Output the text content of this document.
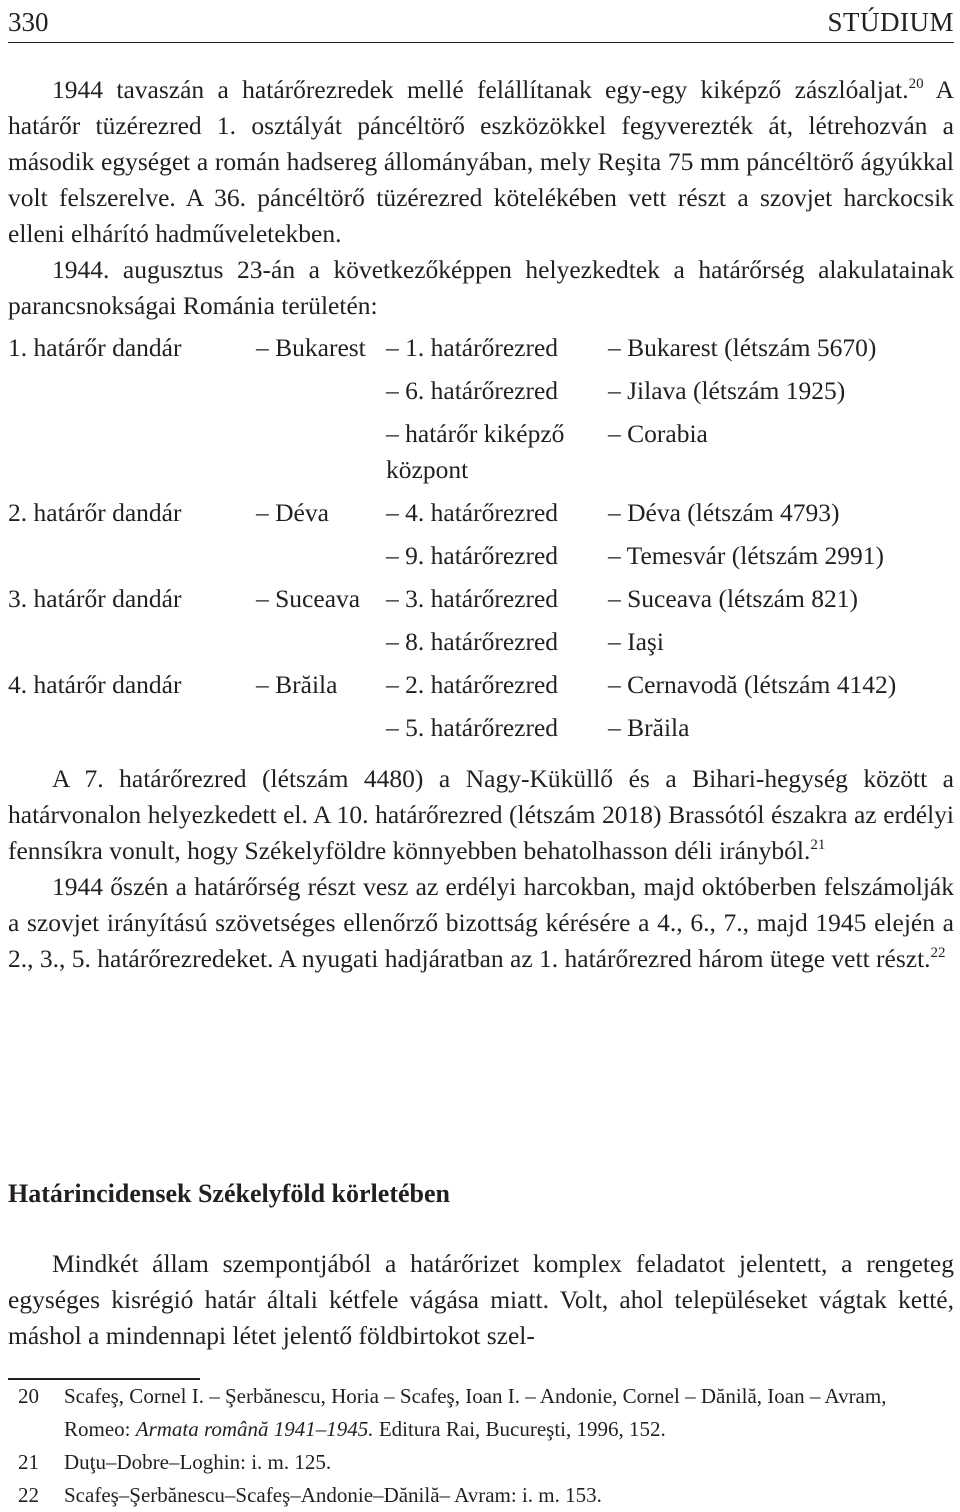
330	STÚDIUM

1944 tavaszán a határőrezredek mellé felállítanak egy-egy kiképző zászlóaljat.$^{20}$ A határőr tüzérezred 1. osztályát páncéltörő eszközökkel fegyverezték át, létrehozván a második egységet a román hadsereg állományában, mely Reşita 75 mm páncéltörő ágyúkkal volt felszerelve. A 36. páncéltörő tüzérezred kötelékében vett részt a szovjet harckocsik elleni elhárító hadműveletekben.

1944. augusztus 23-án a következőképpen helyezkedtek a határőrség alakulatainak parancsnokságai Románia területén:

1. határőr dandár	– Bukarest	– 1. határőrezred	– Bukarest (létszám 5670)
		– 6. határőrezred	– Jilava (létszám 1925)
		– határőr kiképző központ	– Corabia
2. határőr dandár	– Déva	– 4. határőrezred	– Déva (létszám 4793)
		– 9. határőrezred	– Temesvár (létszám 2991)
3. határőr dandár	– Suceava	– 3. határőrezred	– Suceava (létszám 821)
		– 8. határőrezred	– Iaşi
4. határőr dandár	– Brăila	– 2. határőrezred	– Cernavodă (létszám 4142)
		– 5. határőrezred	– Brăila

A 7. határőrezred (létszám 4480) a Nagy-Küküllő és a Bihari-hegység között a határvonalon helyezkedett el. A 10. határőrezred (létszám 2018) Brassótól északra az erdélyi fennsíkra vonult, hogy Székelyföldre könnyebben behatolhasson déli irányból.$^{21}$

1944 őszén a határőrség részt vesz az erdélyi harcokban, majd októberben felszámolják a szovjet irányítású szövetséges ellenőrző bizottság kérésére a 4., 6., 7., majd 1945 elején a 2., 3., 5. határőrezredeket. A nyugati hadjáratban az 1. határőrezred három ütege vett részt.$^{22}$

Határincidensek Székelyföld körletében

Mindkét állam szempontjából a határőrizet komplex feladatot jelentett, a rengeteg egységes kisrégió határ általi kétfele vágása miatt. Volt, ahol településeket vágtak ketté, máshol a mindennapi létet jelentő földbirtokot szel-

20	Scafeş, Cornel I. – Şerbănescu, Horia – Scafeş, Ioan I. – Andonie, Cornel – Dănilă, Ioan – Avram, Romeo: Armata română 1941–1945. Editura Rai, Bucureşti, 1996, 152.
21	Duţu–Dobre–Loghin: i. m. 125.
22	Scafeş–Şerbănescu–Scafeş–Andonie–Dănilă– Avram: i. m. 153.
